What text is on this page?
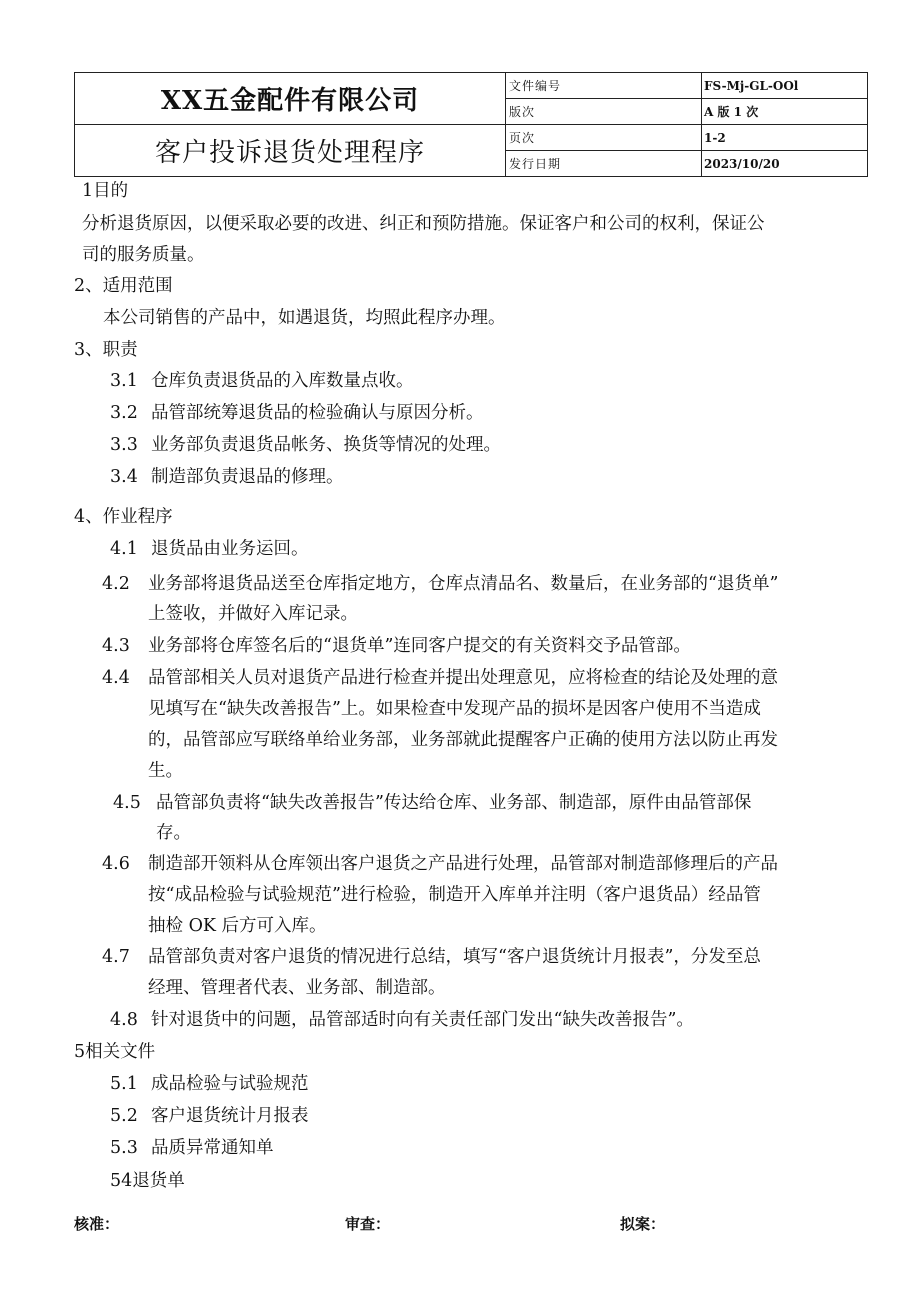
XX五金配件有限公司	文件编号	FS-Mj-GL-OOl
	版次	A 版 1 次
客户投诉退货处理程序	页次	1-2
	发行日期	2023/10/20
1目的
分析退货原因，以便采取必要的改进、纠正和预防措施。保证客户和公司的权利，保证公
司的服务质量。
2、适用范围
本公司销售的产品中，如遇退货，均照此程序办理。
3、职责
3.1 仓库负责退货品的入库数量点收。
3.2 品管部统筹退货品的检验确认与原因分析。
3.3 业务部负责退货品帐务、换货等情况的处理。
3.4 制造部负责退品的修理。
4、作业程序
4.1 退货品由业务运回。
4.2 业务部将退货品送至仓库指定地方，仓库点清品名、数量后，在业务部的“退货单”
上签收，并做好入库记录。
4.3 业务部将仓库签名后的“退货单”连同客户提交的有关资料交予品管部。
4.4 品管部相关人员对退货产品进行检查并提出处理意见，应将检查的结论及处理的意
见填写在“缺失改善报告”上。如果检查中发现产品的损坏是因客户使用不当造成
的，品管部应写联络单给业务部，业务部就此提醒客户正确的使用方法以防止再发
生。
4.5 品管部负责将“缺失改善报告”传达给仓库、业务部、制造部，原件由品管部保
存。
4.6 制造部开领料从仓库领出客户退货之产品进行处理，品管部对制造部修理后的产品
按“成品检验与试验规范”进行检验，制造开入库单并注明（客户退货品）经品管
抽检 OK 后方可入库。
4.7 品管部负责对客户退货的情况进行总结，填写“客户退货统计月报表”，分发至总
经理、管理者代表、业务部、制造部。
4.8 针对退货中的问题，品管部适时向有关责任部门发出“缺失改善报告”。
5相关文件
5.1 成品检验与试验规范
5.2 客户退货统计月报表
5.3 品质异常通知单
54退货单
核准：	审查：	拟案：
